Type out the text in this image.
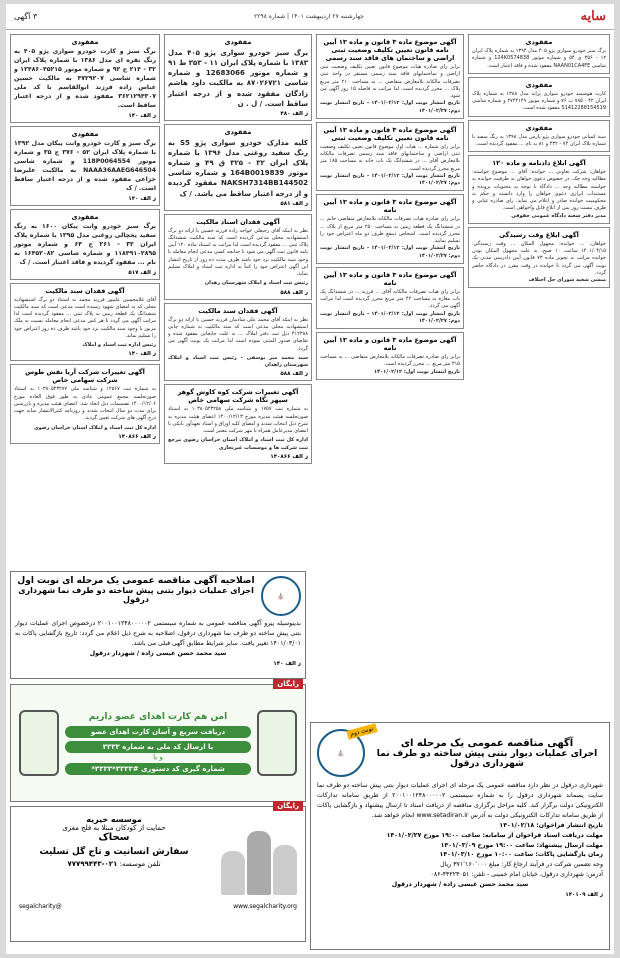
سایه
چهارشنبه ۲۷ اردیبهشت ۱۴۰۱ | شماره ۲۲۹۸
۳ آگهی
مفقودی
برگ سبز و کارت خودرو سواری پژو ۴۰۵ به رنگ نقره ای مدل ۱۳۸۶ با شماره پلاک ایران ۳۲ - ۲۱۴ ج ۹۲ و شماره موتور ۱۲۴۸۶۰۴۵۲۱۵ و شماره شاسی ۴۷۲۹۲۰۷ به مالکیت حسین عباس زاده فرزند ابوالقاسم با کد ملی ۳۶۲۱۲۹۴۳۰۷ مفقود شده و از درجه اعتبار ساقط است.
ز الف ۱۴۰
مفقودی
برگ سبز و کارت خودرو وانت پیکان مدل ۱۳۹۲ با شماره پلاک ایران ۵۲ - ۳۷۶ ج ۳۵ و شماره موتور 118P0064554 و شماره شاسی NAAA36AAEG646504 به مالکیت علیرضا خزاعی مفقود شده و از درجه اعتبار ساقط است. / ک
ز الف ۱۴۰
مفقودی
برگ سبز خودرو وانت پیکان ۱۶۰۰ به رنگ سفید یخچالی روغنی مدل ۱۳۹۵ با شماره پلاک ایران ۳۲ - ۲۶۱ ج ۶۴ و شماره موتور ۱۱۸۴۹۱۰۲۸۹۵ و شماره شاسی ۱۶۴۵۲۰۸۲ به نام ... مفقود گردیده و فاقد اعتبار است. / ک
ز الف ۵۱۷
آگهی فقدان سند مالکیت
آقای غلامحسین علیپور فرزند محمد به استناد دو برگ استشهادیه محلی که به امضای شهود رسیده است مدعی است که سند مالکیت ششدانگ یک قطعه زمین به پلاک ثبتی ... مفقود گردیده است لذا مراتب آگهی می گردد تا هر کس مدعی انجام معامله نسبت به ملک مزبور یا وجود سند مالکیت نزد خود باشد ظرف ده روز اعتراض خود را تسلیم نماید.
رئیس اداره ثبت اسناد و املاک
ز الف ۱۴۰
آگهی تغییرات شرکت آریا نقش طوس شرکت سهامی خاص
به شماره ثبت ۱۲۵۶۷ و شناسه ملی ۱۰۳۸۰۵۴۳۲۷۷ به استناد صورتجلسه مجمع عمومی عادی به طور فوق العاده مورخ ۱۴۰۰/۱۲/۰۶ تصمیمات ذیل اتخاذ شد: اعضای هیئت مدیره و بازرسین برای مدت دو سال انتخاب شدند و روزنامه کثیرالانتشار سایه جهت درج آگهی های شرکت تعیین گردید.
اداره کل ثبت اسناد و املاک استان خراسان رضوی
ز الف ۱۴۰۸۶۶
مفقودی
برگ سبز خودرو سواری پژو ۴۰۵ مدل ۱۳۸۳ با شماره پلاک ایران ۱۱ - ۳۵۳ ط ۹۱ و شماره موتور 12683066 و شماره شاسی ۸۷۰۲۶۷۲۱ به مالکیت داود هاشم زادگان مفقود شده و از درجه اعتبار ساقط است. / ل . ن
ز الف ۴۸۰
مفقودی
کلیه مدارک خودرو سواری پژو S5 به رنگ سفید روغنی مدل ۱۳۹۶ با شماره پلاک ایران ۳۲ - ۳۲۵ ق ۴۹ و شماره موتور 164B0019839 و شماره شاسی NAKSH7314BB144502 مفقود گردیده و از درجه اعتبار ساقط می باشد. / ک
ز الف ۵۸۱
آگهی فقدان اسناد مالکیت
نظر به اینکه آقای رجبعلی خواجه زاده فرزند حسین با ارائه دو برگ استشهادیه محلی مدعی گردیده است که سند مالکیت ششدانگ پلاک ثبتی ... مفقود گردیده است لذا مراتب به استناد ماده ۱۲۰ آیین نامه قانون ثبت آگهی می شود تا چنانچه کسی مدعی انجام معامله یا وجود سند مالکیت نزد خود باشد ظرف مدت ده روز از تاریخ انتشار این آگهی اعتراض خود را کتباً به اداره ثبت اسناد و املاک تسلیم نماید.
رئیس ثبت اسناد و املاک شهرستان زهدان
ز الف ۵۸۸
آگهی فقدان سند مالکیت
نظر به اینکه آقای محمد علی شادمان فرزند حسین با ارائه دو برگ استشهادیه محلی مدعی است که سند مالکیت به شماره چاپی ۴۱۲۳۸۸ ذیل ثبت دفتر املاک ... به علت جابجایی مفقود شده و تقاضای صدور المثنی نموده است لذا مراتب یک نوبت آگهی می گردد.
سید محمد میر یوسفی - رئیس ثبت اسناد و املاک شهرستان زاهدان
ز الف ۵۸۸
آگهی تغییرات شرکت کوه کاوش گوهر سپهر نگاه شرکت سهامی خاص
به شماره ثبت ۱۷۵۷ و شناسه ملی ۱۰۳۸۰۵۴۳۲۵۸ به استناد صورتجلسه هیئت مدیره مورخ ۱۴۰۰/۱۲/۱۳ اعضای هیئت مدیره به شرح ذیل انتخاب شدند و امضای کلیه اوراق و اسناد تعهدآور بانکی با امضای مدیرعامل همراه با مهر شرکت معتبر است.
اداره کل ثبت اسناد و املاک استان خراسان رضوی مرجع ثبت شرکت ها و موسسات غیرتجاری
ز الف ۱۴۰۸۶۶
آگهی موضوع ماده ۳ قانون و ماده ۱۳ آیین نامه قانون تعیین تکلیف وضعیت ثبتی اراضی و ساختمان های فاقد سند رسمی
برابر رای صادره هیات موضوع قانون تعیین تکلیف وضعیت ثبتی اراضی و ساختمانهای فاقد سند رسمی مستقر در واحد ثبتی تصرفات مالکانه بلامعارض متقاضی ... به مساحت ۲۱۰ متر مربع پلاک ... محرز گردیده است. لذا مراتب به فاصله ۱۵ روز آگهی می شود.
تاریخ انتشار نوبت اول: ۱۴۰۱/۰۲/۱۲ - تاریخ انتشار نوبت دوم: ۱۴۰۱/۰۲/۲۷
آگهی موضوع ماده ۳ قانون و ماده ۱۳ آیین نامه قانون تعیین تکلیف وضعیت ثبتی
برابر رای شماره ... هیات اول موضوع قانون تعیین تکلیف وضعیت ثبتی اراضی و ساختمانهای فاقد سند رسمی تصرفات مالکانه بلامعارض آقای ... در ششدانگ یک باب خانه به مساحت ۱۸۵ متر مربع محرز گردیده است.
تاریخ انتشار نوبت اول: ۱۴۰۱/۰۲/۱۲ - تاریخ انتشار نوبت دوم: ۱۴۰۱/۰۲/۲۷
آگهی موضوع ماده ۳ قانون و ماده ۱۳ آیین نامه
برابر رای صادره هیات تصرفات مالکانه بلامعارض متقاضی خانم ... در ششدانگ یک قطعه زمین به مساحت ۲۵۰ متر مربع از پلاک ... محرز گردیده است. اشخاص ذینفع ظرف دو ماه اعتراض خود را تسلیم نمایند.
تاریخ انتشار نوبت اول: ۱۴۰۱/۰۲/۱۲ - تاریخ انتشار نوبت دوم: ۱۴۰۱/۰۲/۲۷
آگهی موضوع ماده ۳ قانون و ماده ۱۳ آیین نامه
برابر رای هیات تصرفات مالکانه آقای ... فرزند ... در ششدانگ یک باب مغازه به مساحت ۴۲ متر مربع محرز گردیده است لذا مراتب آگهی می گردد.
تاریخ انتشار نوبت اول: ۱۴۰۱/۰۲/۱۲ - تاریخ انتشار نوبت دوم: ۱۴۰۱/۰۲/۲۷
آگهی موضوع ماده ۳ قانون و ماده ۱۳ آیین نامه
برابر رای صادره تصرفات مالکانه بلامعارض متقاضی ... به مساحت ۳۱۵ متر مربع ... محرز گردیده است.
تاریخ انتشار نوبت اول: ۱۴۰۱/۰۲/۱۲
مفقودی
برگ سبز خودرو سواری پژو ۴۰۵ مدل ۱۳۹۴ به شماره پلاک ایران ۱۲ - ۳۵۶ ی ۵۴ و شماره موتور 124K0574838 و شماره شاسی NAAN01CA4FE مفقود شده و فاقد اعتبار است.
مفقودی
کارت هوشمند خودرو سواری پراید مدل ۱۳۸۸ به شماره پلاک ایران ۴۲ - ۷۸۵ ب ۷۶ و شماره موتور ۲۷۴۴۱۴۹ و شماره شاسی S1412288154519 مفقود شده است.
مفقودی
سند کمپانی خودرو سواری پژو پارس مدل ۱۳۹۸ به رنگ سفید با شماره پلاک ایران ۷۴ - ۴۳۲ و ۸۱ به نام ... مفقود گردیده است.
آگهی ابلاغ دادنامه و ماده ۱۲۰
خواهان: شرکت تعاونی ... خوانده: آقای ... موضوع خواسته: مطالبه وجه چک. در خصوص دعوی خواهان به طرفیت خوانده به خواسته مطالبه وجه ... دادگاه با توجه به محتویات پرونده و مستندات ابرازی دعوی خواهان را وارد دانسته و حکم به محکومیت خوانده صادر و اعلام می نماید. رای صادره غیابی و ظرف بیست روز پس از ابلاغ قابل واخواهی است.
مدیر دفتر شعبه دادگاه عمومی حقوقی
آگهی ابلاغ وقت رسیدگی
خواهان: ... خوانده: مجهول المکان ... وقت رسیدگی: ۱۴۰۱/۰۴/۱۵ ساعت ۱۰ صبح. به علت مجهول المکان بودن خوانده مراتب به تجویز ماده ۷۳ قانون آیین دادرسی مدنی یک نوبت آگهی می گردد تا خوانده در وقت مقرر در دادگاه حاضر گردد.
منشی شعبه شورای حل اختلاف
⛪
اصلاحیه آگهی مناقصه عمومی یک مرحله ای نوبت اول
اجرای عملیات دیوار بتنی پیش ساخته دو طرف نما شهرداری درقول
بدینوسیله پیرو آگهی مناقصه عمومی به شماره سیستمی ۲۰۰۱۰۰۱۲۴۸۰۰۰۰۰۲ درخصوص اجرای عملیات دیوار بتنی پیش ساخته دو طرف نما شهرداری درقول، اصلاحیه به شرح ذیل اعلام می گردد: تاریخ بازگشایی پاکات به ۱۴۰۱/۰۳/۰۱ تغییر یافت. سایر شرایط مطابق آگهی قبلی می باشد.
سید محمد حسن عیسی زاده / شهردار درقول
ز الف ۱۴۰
رایگان
امن هم کارت اهدای عضو داریم
دریافت سریع و آسان کارت اهدای عضو
با ارسال کد ملی به شماره ۳۳۳۳
و یا
شماره گیری کد دستوری #۳۳۳۳*۳۳۳۳*
رایگان
موسسه خیریه
حمایت از کودکان مبتلا به فلج مغزی
سحاک
سفارش انسانیت و تاج گل تسلیت
تلفن موسسه: ۰۲۱-۷۷۷۹۹۴۴۳
www.segalcharity.org
@segalcharity
نوبت دوم
آگهی مناقصه عمومی یک مرحله ای
اجرای عملیات دیوار بتنی پیش ساخته دو طرف نما
شهرداری درقول
⛪
شهرداری درقول در نظر دارد مناقصه عمومی یک مرحله ای اجرای عملیات دیوار بتنی پیش ساخته دو طرف نما سایت پسماند شهرداری درقول را به شماره سیستمی ۲۰۰۱۰۰۱۲۴۸۰۰۰۰۰۲ از طریق سامانه تدارکات الکترونیکی دولت برگزار کند. کلیه مراحل برگزاری مناقصه از دریافت اسناد تا ارسال پیشنهاد و بازگشایی پاکات از طریق سامانه تدارکات الکترونیکی دولت به آدرس www.setadiran.ir انجام خواهد شد.
تاریخ انتشار فراخوان: ۱۴۰۱/۰۲/۱۸
مهلت دریافت اسناد فراخوان از سامانه: ساعت ۱۹:۰۰ مورخ ۱۴۰۱/۰۲/۲۷
مهلت ارسال پیشنهاد: ساعت ۱۹:۰۰ مورخ ۱۴۰۱/۰۳/۰۹
زمان بازگشایی پاکات: ساعت ۱۰:۰۰ مورخ ۱۴۰۱/۰۳/۱۰
وجه تضمین شرکت در فرآیند ارجاع کار: مبلغ ۳۷۱٬۱۶۰٬۰۰۰ ریال
آدرس: شهرداری درقول، خیابان امام خمینی - تلفن: ۴۴۲۲۳۰۵۱-۰۸۶
سید محمد حسن عیسی زاده / شهردار درقول
ز الف ۱۴۰۱۰۹
